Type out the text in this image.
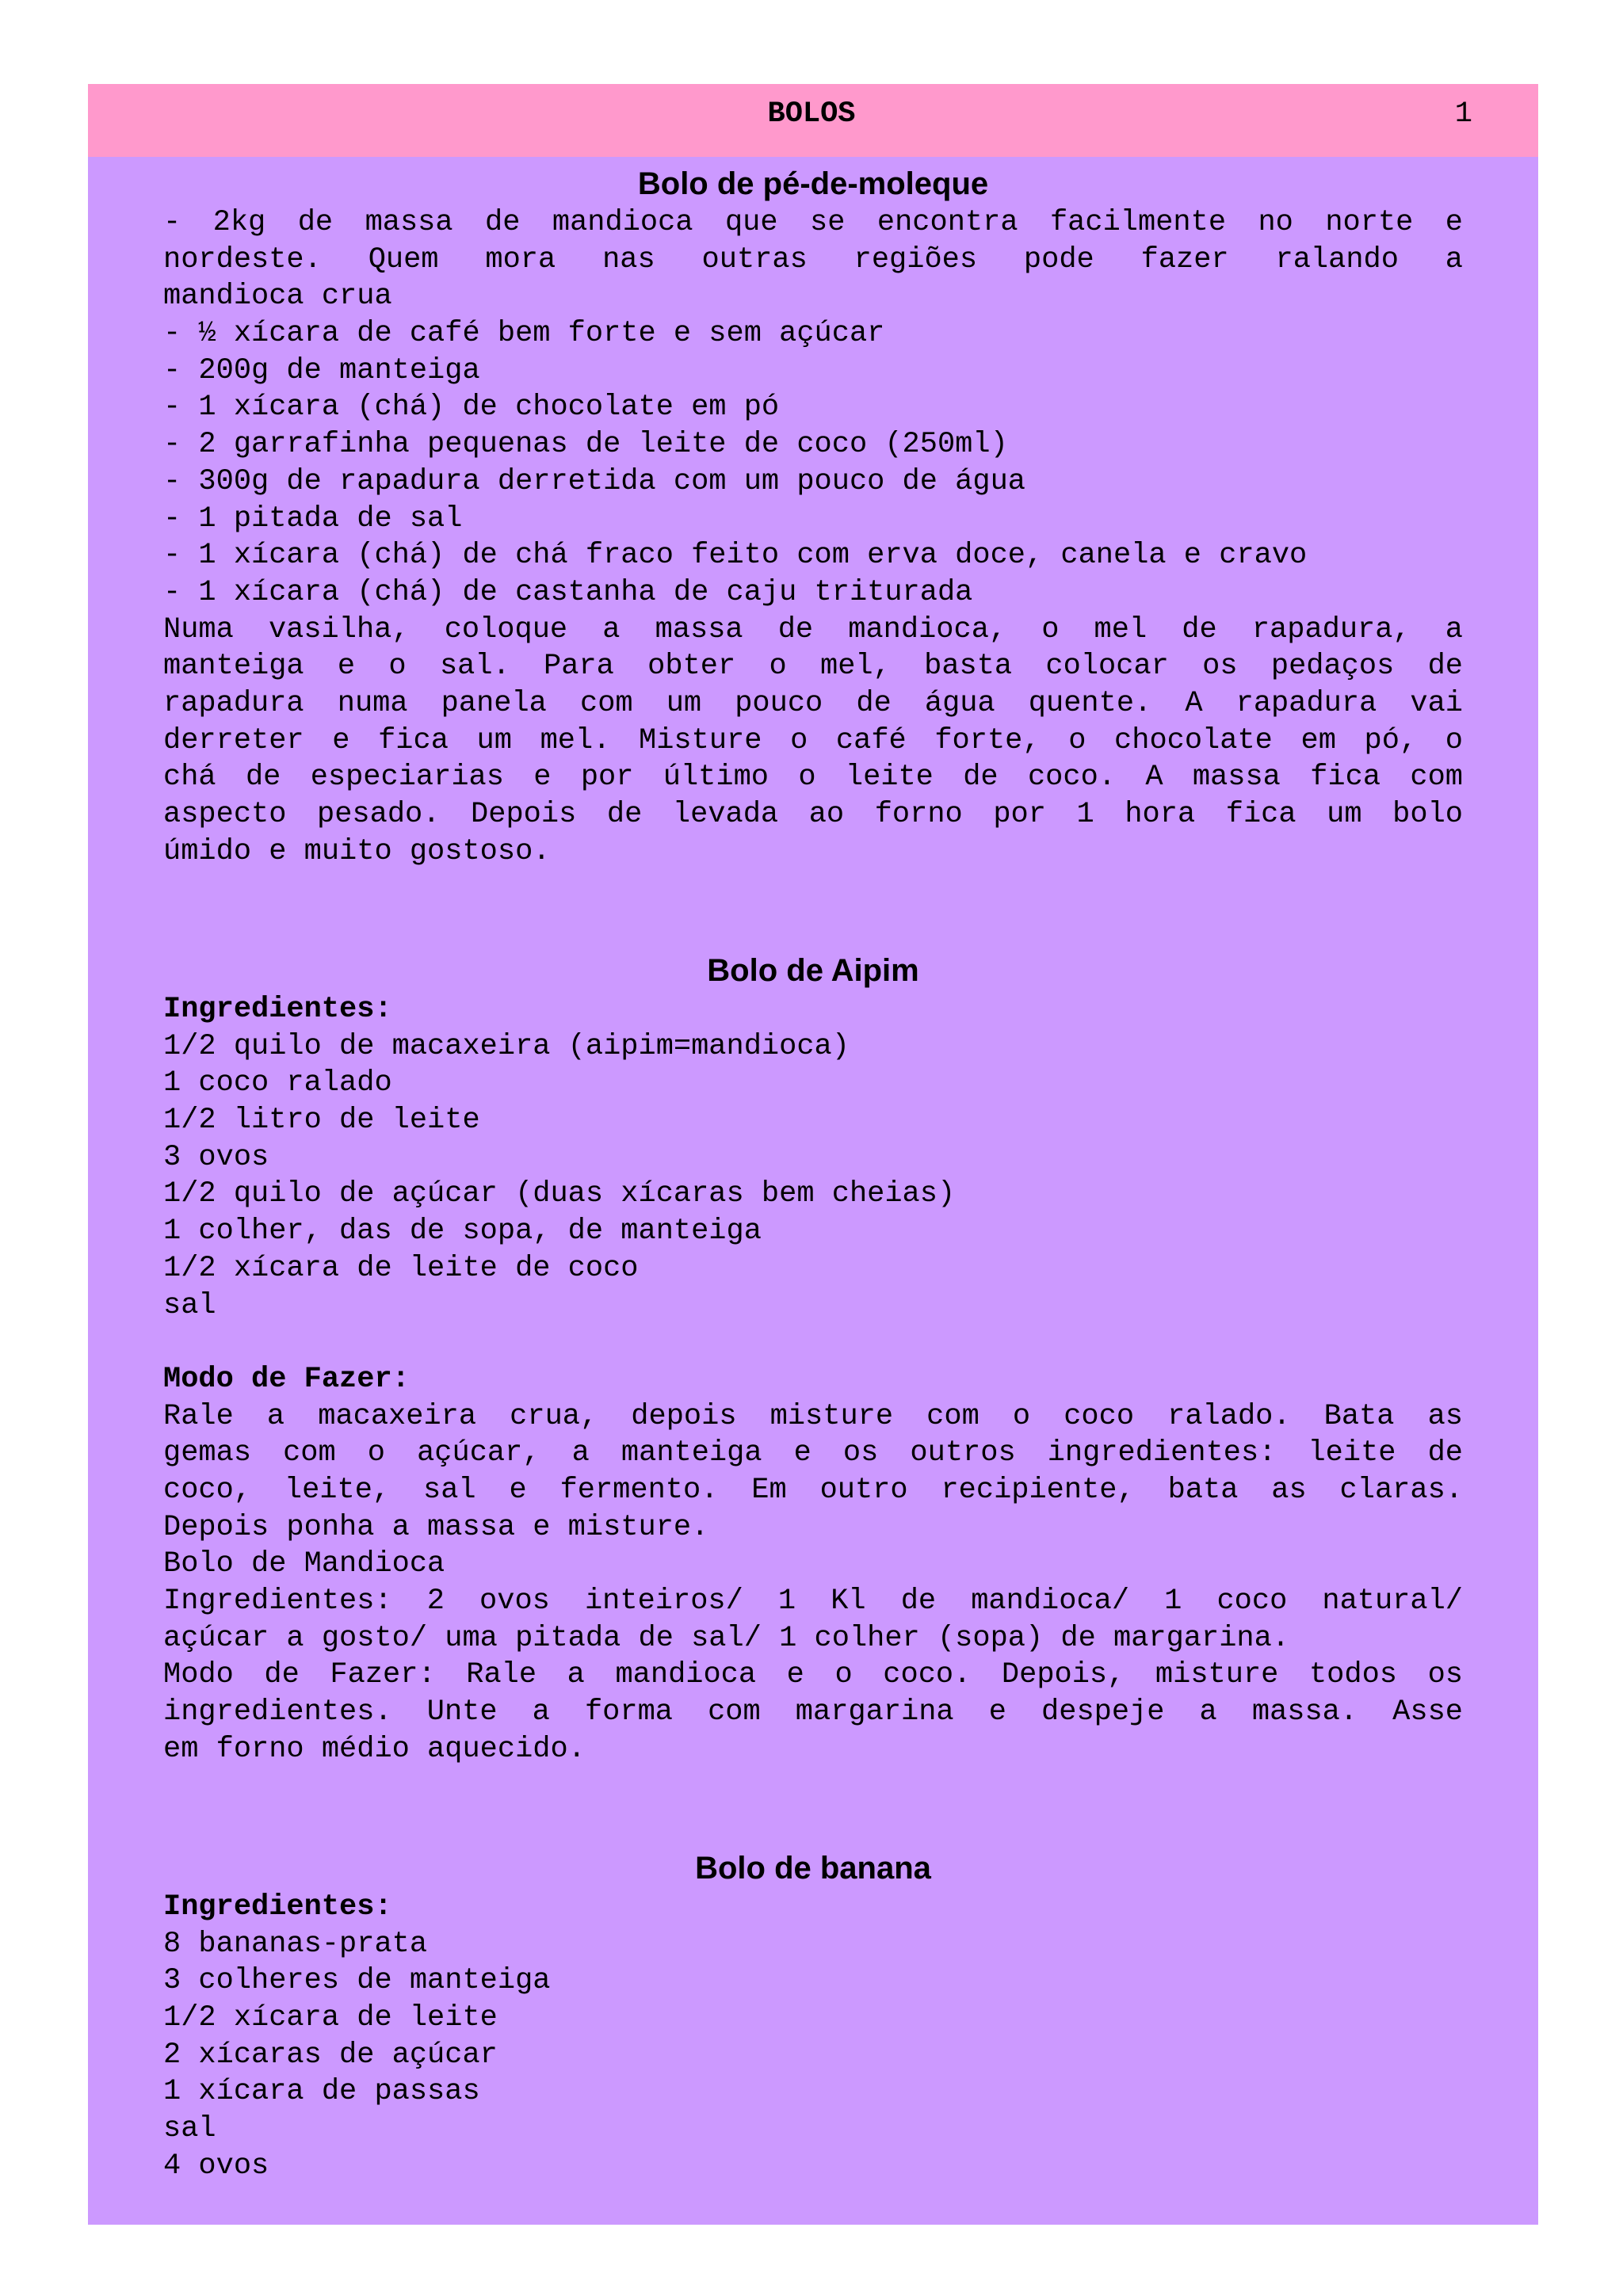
BOLOS	1
Bolo de pé-de-moleque
- 2kg de massa de mandioca que se encontra facilmente no norte e
nordeste. Quem mora nas outras regiões pode fazer ralando a
mandioca crua
- ½ xícara de café bem forte e sem açúcar
- 200g de manteiga
- 1 xícara (chá) de chocolate em pó
- 2 garrafinha pequenas de leite de coco (250ml)
- 300g de rapadura derretida com um pouco de água
- 1 pitada de sal
- 1 xícara (chá) de chá fraco feito com erva doce, canela e cravo
- 1 xícara (chá) de castanha de caju triturada
Numa vasilha, coloque a massa de mandioca, o mel de rapadura, a
manteiga e o sal. Para obter o mel, basta colocar os pedaços de
rapadura numa panela com um pouco de água quente. A rapadura vai
derreter e fica um mel. Misture o café forte, o chocolate em pó, o
chá de especiarias e por último o leite de coco. A massa fica com
aspecto pesado. Depois de levada ao forno por 1 hora fica um bolo
úmido e muito gostoso.
Bolo de Aipim
Ingredientes:
1/2 quilo de macaxeira (aipim=mandioca)
1 coco ralado
1/2 litro de leite
3 ovos
1/2 quilo de açúcar (duas xícaras bem cheias)
1 colher, das de sopa, de manteiga
1/2 xícara de leite de coco
sal
Modo de Fazer:
Rale a macaxeira crua, depois misture com o coco ralado. Bata as
gemas com o açúcar, a manteiga e os outros ingredientes: leite de
coco, leite, sal e fermento. Em outro recipiente, bata as claras.
Depois ponha a massa e misture.
Bolo de Mandioca
Ingredientes: 2 ovos inteiros/ 1 Kl de mandioca/ 1 coco natural/
açúcar a gosto/ uma pitada de sal/ 1 colher (sopa) de margarina.
Modo de Fazer: Rale a mandioca e o coco. Depois, misture todos os
ingredientes. Unte a forma com margarina e despeje a massa. Asse
em forno médio aquecido.
Bolo de banana
Ingredientes:
8 bananas-prata
3 colheres de manteiga
1/2 xícara de leite
2 xícaras de açúcar
1 xícara de passas
sal
4 ovos
